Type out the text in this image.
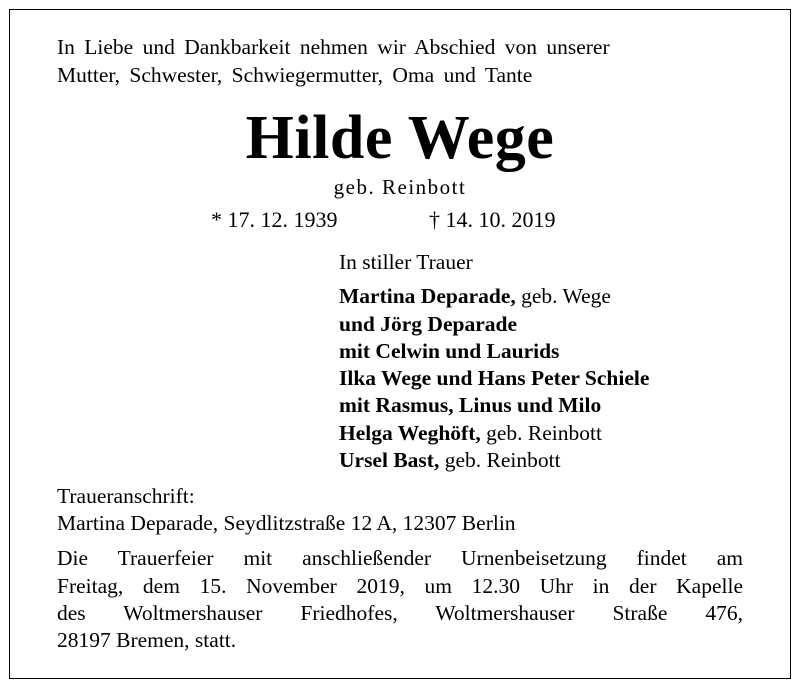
In Liebe und Dankbarkeit nehmen wir Abschied von unserer
Mutter, Schwester, Schwiegermutter, Oma und Tante
Hilde Wege
geb. Reinbott
* 17. 12. 1939	† 14. 10. 2019
In stiller Trauer
Martina Deparade, geb. Wege
und Jörg Deparade
mit Celwin und Laurids
Ilka Wege und Hans Peter Schiele
mit Rasmus, Linus und Milo
Helga Weghöft, geb. Reinbott
Ursel Bast, geb. Reinbott
Traueranschrift:
Martina Deparade, Seydlitzstraße 12 A, 12307 Berlin
Die Trauerfeier mit anschließender Urnenbeisetzung findet am
Freitag, dem 15. November 2019, um 12.30 Uhr in der Kapelle
des Woltmershauser Friedhofes, Woltmershauser Straße 476,
28197 Bremen, statt.
